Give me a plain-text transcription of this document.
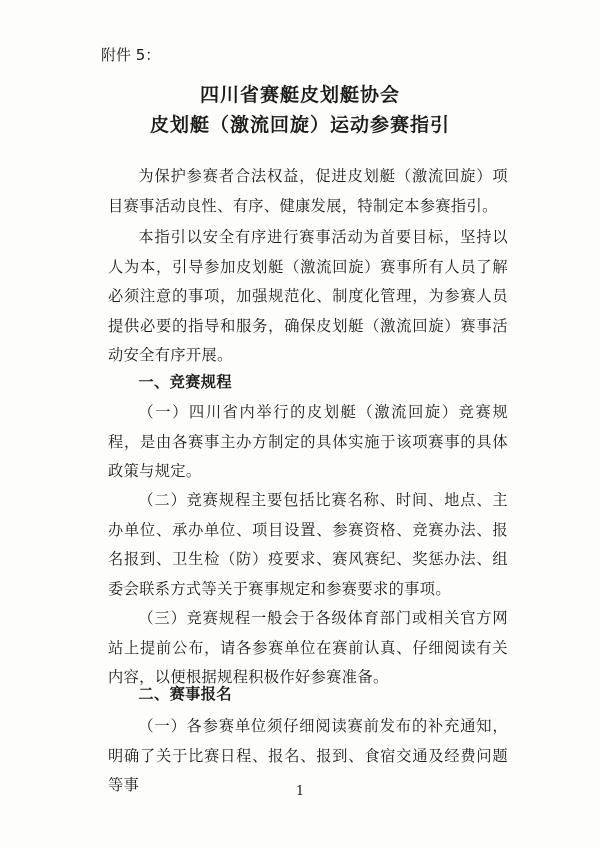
附件 5：
四川省赛艇皮划艇协会
皮划艇（激流回旋）运动参赛指引
为保护参赛者合法权益，促进皮划艇（激流回旋）项目赛事活动良性、有序、健康发展，特制定本参赛指引。
本指引以安全有序进行赛事活动为首要目标，坚持以人为本，引导参加皮划艇（激流回旋）赛事所有人员了解必须注意的事项，加强规范化、制度化管理，为参赛人员提供必要的指导和服务，确保皮划艇（激流回旋）赛事活动安全有序开展。
一、竞赛规程
（一）四川省内举行的皮划艇（激流回旋）竞赛规程，是由各赛事主办方制定的具体实施于该项赛事的具体政策与规定。
（二）竞赛规程主要包括比赛名称、时间、地点、主办单位、承办单位、项目设置、参赛资格、竞赛办法、报名报到、卫生检（防）疫要求、赛风赛纪、奖惩办法、组委会联系方式等关于赛事规定和参赛要求的事项。
（三）竞赛规程一般会于各级体育部门或相关官方网站上提前公布，请各参赛单位在赛前认真、仔细阅读有关内容，以便根据规程积极作好参赛准备。
二、赛事报名
（一）各参赛单位须仔细阅读赛前发布的补充通知，明确了关于比赛日程、报名、报到、食宿交通及经费问题等事	1
